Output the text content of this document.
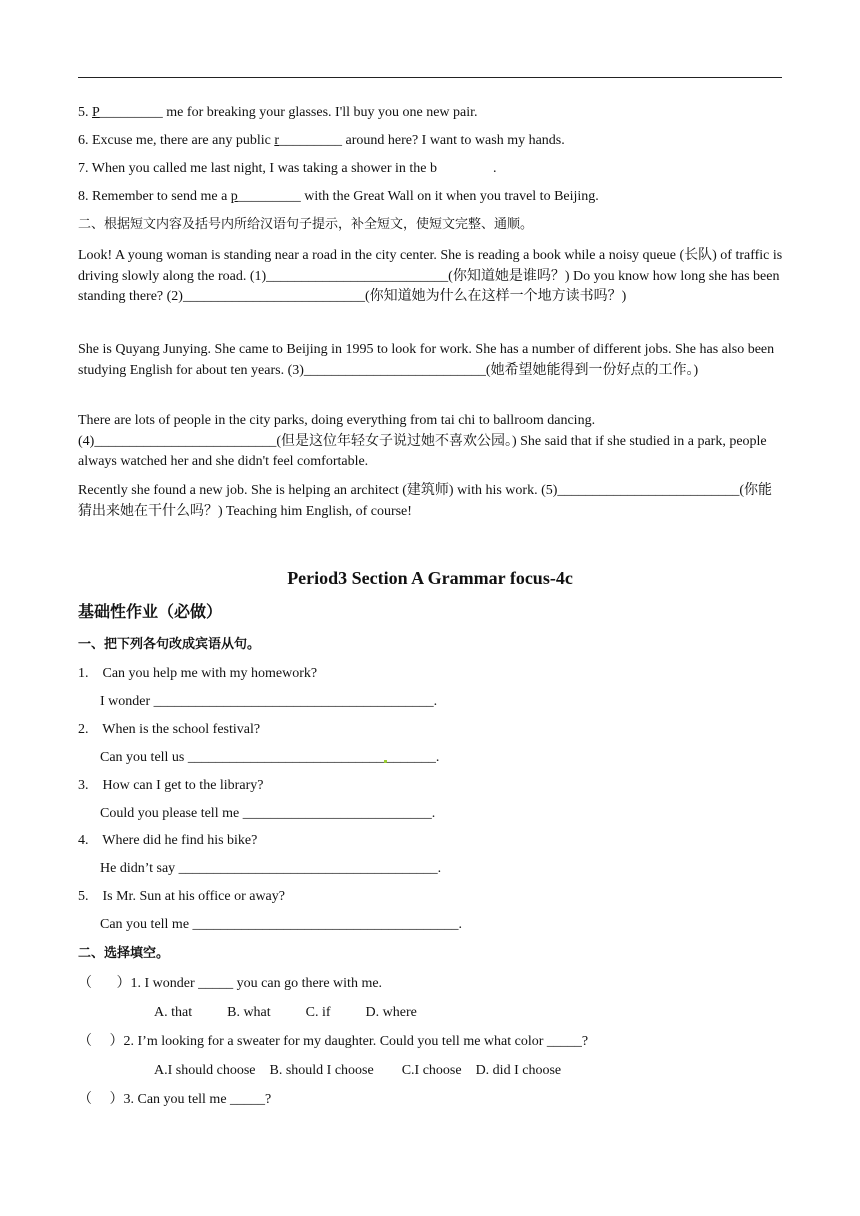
5. P_________ me for breaking your glasses. I'll buy you one new pair.
6. Excuse me, there are any public r_________ around here? I want to wash my hands.
7. When you called me last night, I was taking a shower in the b                .
8. Remember to send me a p_________ with the Great Wall on it when you travel to Beijing.
二、根据短文内容及括号内所给汉语句子提示，补全短文，使短文完整、通顺。
Look! A young woman is standing near a road in the city center. She is reading a book while a noisy queue (长队) of traffic is driving slowly along the road. (1)__________________________(你知道她是谁吗？) Do you know how long she has been standing there? (2)__________________________(你知道她为什么在这样一个地方读书吗？)
She is Quyang Junying. She came to Beijing in 1995 to look for work. She has a number of different jobs. She has also been studying English for about ten years. (3)__________________________(她希望她能得到一份好点的工作。)
There are lots of people in the city parks, doing everything from tai chi to ballroom dancing. (4)__________________________(但是这位年轻女子说过她不喜欢公园。) She said that if she studied in a park, people always watched her and she didn't feel comfortable.
Recently she found a new job. She is helping an architect (建筑师) with his work. (5)__________________________(你能猜出来她在干什么吗？) Teaching him English, of course!
Period3 Section A Grammar focus-4c
基础性作业（必做）
一、把下列各句改成宾语从句。
1.    Can you help me with my homework?
I wonder ________________________________________.
2.    When is the school festival?
Can you tell us ____________________________ _______.
3.    How can I get to the library?
Could you please tell me ___________________________.
4.    Where did he find his bike?
He didn’t say _____________________________________.
5.    Is Mr. Sun at his office or away?
Can you tell me ______________________________________.
二、选择填空。
（       ）1. I wonder _____ you can go there with me.
A. that          B. what          C. if          D. where
（     ）2. I’m looking for a sweater for my daughter. Could you tell me what color _____?
A.I should choose    B. should I choose        C.I choose    D. did I choose
（     ）3. Can you tell me _____?
